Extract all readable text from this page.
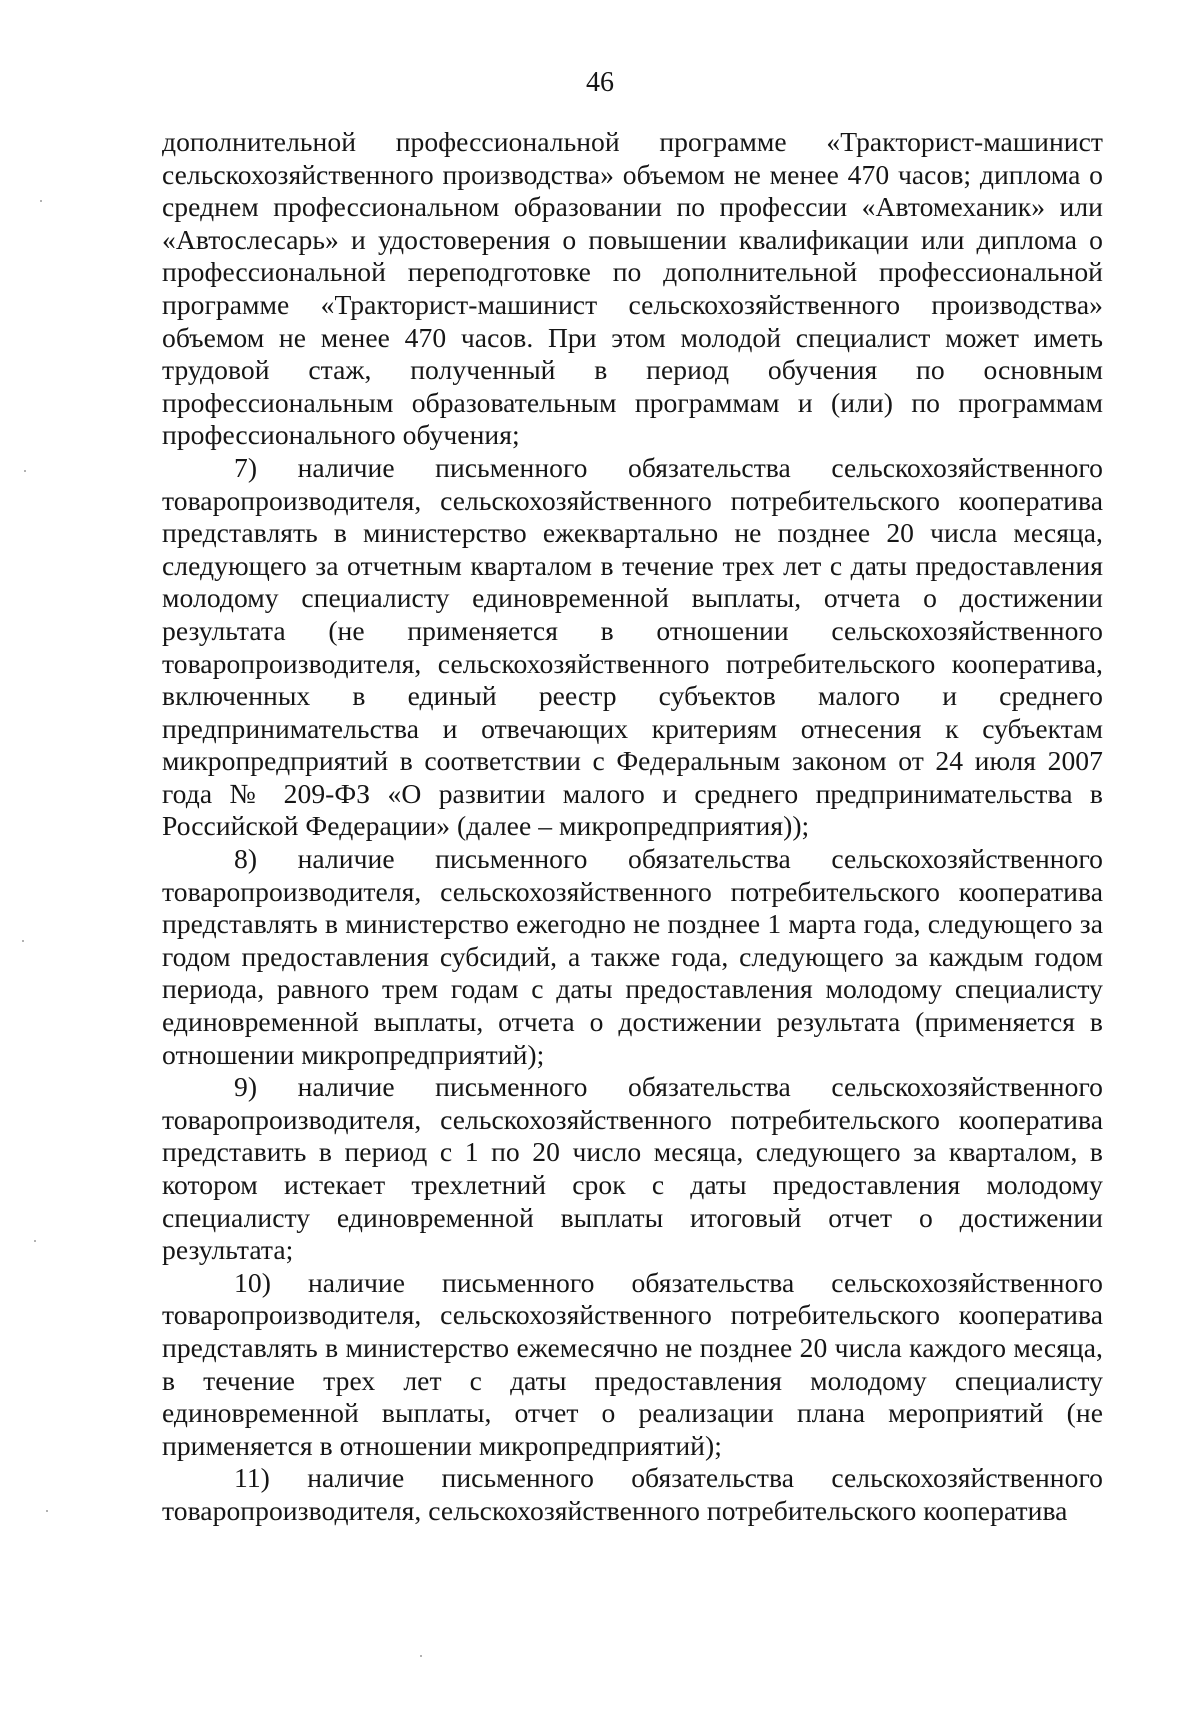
46

дополнительной профессиональной программе «Тракторист-машинист сельскохозяйственного производства» объемом не менее 470 часов; диплома о среднем профессиональном образовании по профессии «Автомеханик» или «Автослесарь» и удостоверения о повышении квалификации или диплома о профессиональной переподготовке по дополнительной профессиональной программе «Тракторист-машинист сельскохозяйственного производства» объемом не менее 470 часов. При этом молодой специалист может иметь трудовой стаж, полученный в период обучения по основным профессиональным образовательным программам и (или) по программам профессионального обучения;

7) наличие письменного обязательства сельскохозяйственного товаропроизводителя, сельскохозяйственного потребительского кооператива представлять в министерство ежеквартально не позднее 20 числа месяца, следующего за отчетным кварталом в течение трех лет с даты предоставления молодому специалисту единовременной выплаты, отчета о достижении результата (не применяется в отношении сельскохозяйственного товаропроизводителя, сельскохозяйственного потребительского кооператива, включенных в единый реестр субъектов малого и среднего предпринимательства и отвечающих критериям отнесения к субъектам микропредприятий в соответствии с Федеральным законом от 24 июля 2007 года № 209-ФЗ «О развитии малого и среднего предпринимательства в Российской Федерации» (далее – микропредприятия));

8) наличие письменного обязательства сельскохозяйственного товаропроизводителя, сельскохозяйственного потребительского кооператива представлять в министерство ежегодно не позднее 1 марта года, следующего за годом предоставления субсидий, а также года, следующего за каждым годом периода, равного трем годам с даты предоставления молодому специалисту единовременной выплаты, отчета о достижении результата (применяется в отношении микропредприятий);

9) наличие письменного обязательства сельскохозяйственного товаропроизводителя, сельскохозяйственного потребительского кооператива представить в период с 1 по 20 число месяца, следующего за кварталом, в котором истекает трехлетний срок с даты предоставления молодому специалисту единовременной выплаты итоговый отчет о достижении результата;

10) наличие письменного обязательства сельскохозяйственного товаропроизводителя, сельскохозяйственного потребительского кооператива представлять в министерство ежемесячно не позднее 20 числа каждого месяца, в течение трех лет с даты предоставления молодому специалисту единовременной выплаты, отчет о реализации плана мероприятий (не применяется в отношении микропредприятий);

11) наличие письменного обязательства сельскохозяйственного товаропроизводителя, сельскохозяйственного потребительского кооператива
